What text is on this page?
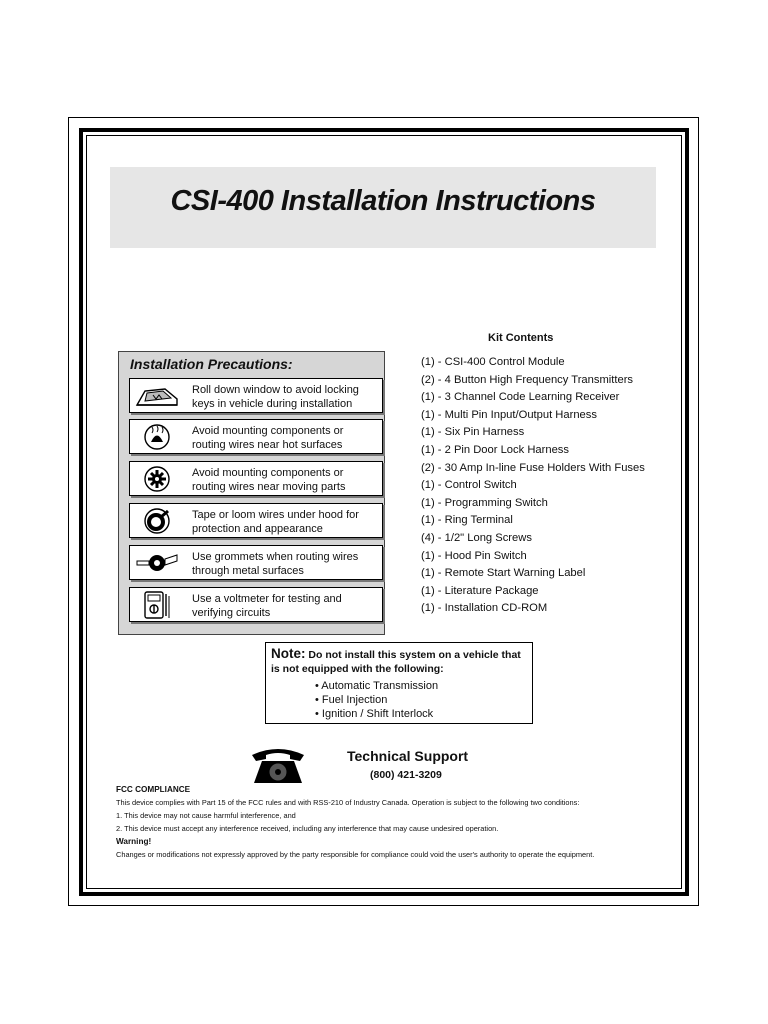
CSI-400 Installation Instructions
Kit Contents
(1) - CSI-400 Control Module
(2) - 4 Button High Frequency Transmitters
(1) - 3 Channel Code Learning Receiver
(1) - Multi Pin Input/Output Harness
(1) - Six Pin Harness
(1) - 2 Pin Door Lock Harness
(2) - 30 Amp In-line Fuse Holders With Fuses
(1) - Control Switch
(1) - Programming Switch
(1) - Ring Terminal
(4) - 1/2" Long Screws
(1) - Hood Pin Switch
(1) - Remote Start Warning Label
(1) - Literature Package
(1) - Installation CD-ROM
Installation Precautions:
Roll down window to avoid locking keys in vehicle during installation
Avoid mounting components or routing wires near hot surfaces
Avoid mounting components or routing wires near moving parts
Tape or loom wires under hood for protection and appearance
Use grommets when routing wires through metal surfaces
Use a voltmeter for testing and verifying circuits
Note: Do not install this system on a vehicle that is not equipped with the following:
• Automatic Transmission
• Fuel Injection
• Ignition / Shift Interlock
Technical Support
(800) 421-3209
FCC COMPLIANCE
This device complies with Part 15 of the FCC rules and with RSS-210 of Industry Canada. Operation is subject to the following two conditions:
1. This device may not cause harmful interference, and
2. This device must accept any interference received, including any interference that may cause undesired operation.
Warning!
Changes or modifications not expressly approved by the party responsible for compliance could void the user's authority to operate the equipment.
